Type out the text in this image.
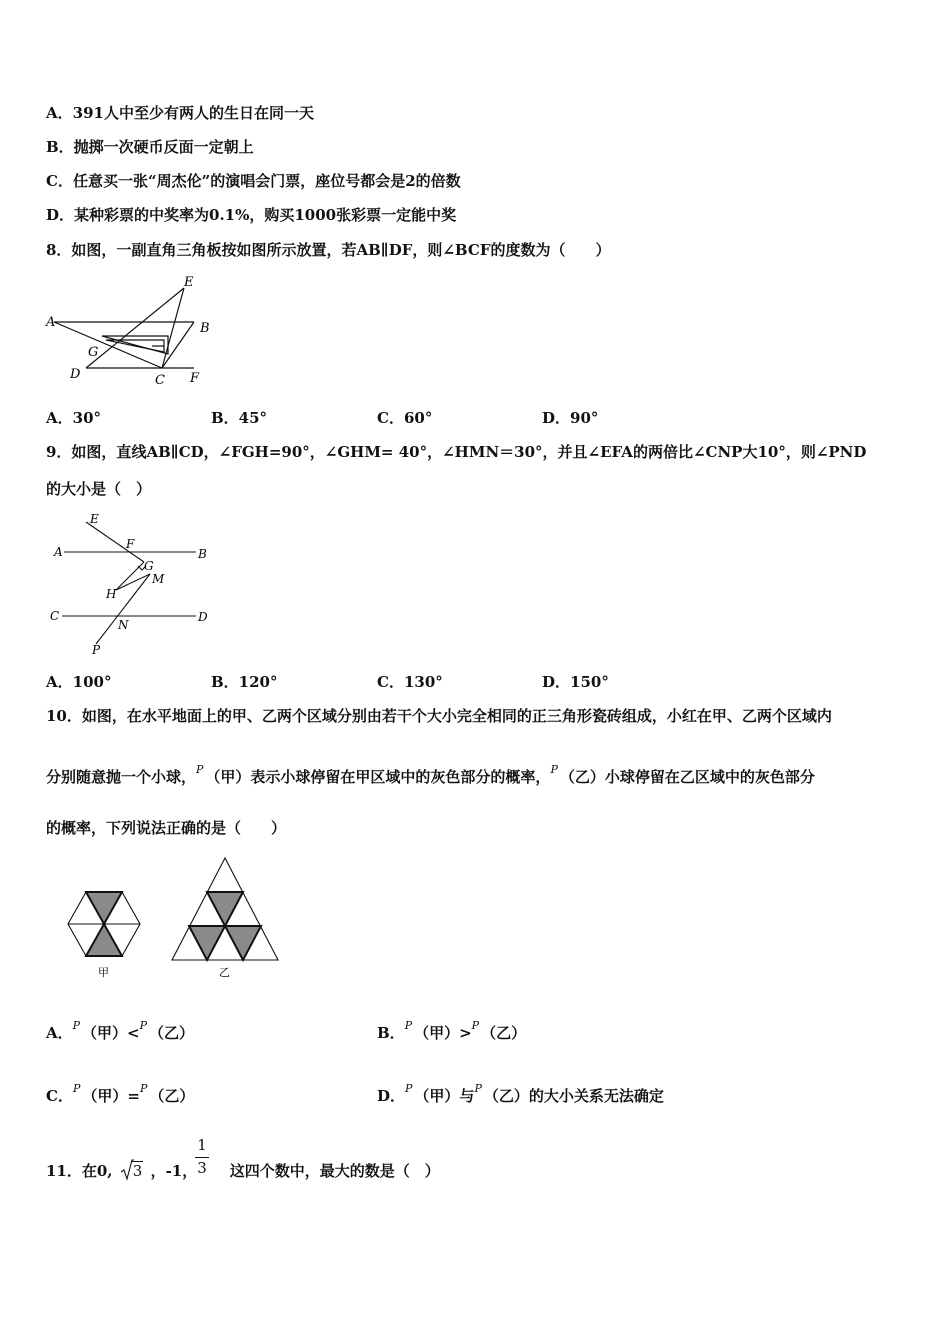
A．391人中至少有两人的生日在同一天
B．抛掷一次硬币反面一定朝上
C．任意买一张“周杰伦”的演唱会门票，座位号都会是2的倍数
D．某种彩票的中奖率为0.1%，购买1000张彩票一定能中奖
8．如图，一副直角三角板按如图所示放置，若AB∥DF，则∠BCF的度数为（　　）
A	B
C
D
E
F
G
A．30°	B．45°	C．60°	D．90°
9．如图，直线AB∥CD，∠FGH=90°，∠GHM= 40°，∠HMN＝30°，并且∠EFA的两倍比∠CNP大10°，则∠PND
的大小是（　）
A	B
C	D
E
F
G
H
M
N
P
A．100°	B．120°	C．130°	D．150°
10．如图，在水平地面上的甲、乙两个区域分别由若干个大小完全相同的正三角形瓷砖组成，小红在甲、乙两个区域内
分别随意抛一个小球，$^P$ （甲）表示小球停留在甲区域中的灰色部分的概率，$^P$ （乙）小球停留在乙区域中的灰色部分
的概率，下列说法正确的是（　　）
甲	乙
A．$^P$ （甲）<$^P$ （乙）	B．$^P$ （甲）>$^P$ （乙）
C．$^P$ （甲）=$^P$ （乙）	D．$^P$ （甲）与$^P$ （乙）的大小关系无法确定
11．在0, 3 ，-1， 这四个数中，最大的数是（　）
$\frac{1}{3}$
